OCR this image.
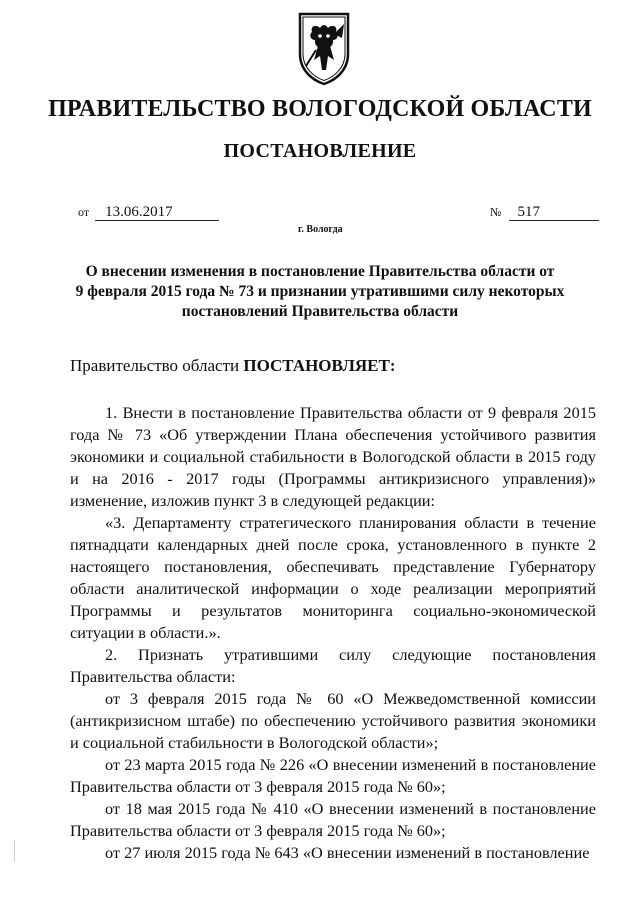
ПРАВИТЕЛЬСТВО ВОЛОГОДСКОЙ ОБЛАСТИ
ПОСТАНОВЛЕНИЕ
от 13.06.2017	№ 517
г. Вологда
О внесении изменения в постановление Правительства области от
9 февраля 2015 года № 73 и признании утратившими силу некоторых
постановлений Правительства области
Правительство области ПОСТАНОВЛЯЕТ:

1. Внести в постановление Правительства области от 9 февраля 2015 года № 73 «Об утверждении Плана обеспечения устойчивого развития экономики и социальной стабильности в Вологодской области в 2015 году и на 2016 - 2017 годы (Программы антикризисного управления)» изменение, изложив пункт 3 в следующей редакции:

«3. Департаменту стратегического планирования области в течение пятнадцати календарных дней после срока, установленного в пункте 2 настоящего постановления, обеспечивать представление Губернатору области аналитической информации о ходе реализации мероприятий Программы и результатов мониторинга социально-экономической ситуации в области.».

2. Признать утратившими силу следующие постановления Правительства области:

от 3 февраля 2015 года № 60 «О Межведомственной комиссии (антикризисном штабе) по обеспечению устойчивого развития экономики и социальной стабильности в Вологодской области»;

от 23 марта 2015 года № 226 «О внесении изменений в постановление Правительства области от 3 февраля 2015 года № 60»;

от 18 мая 2015 года № 410 «О внесении изменений в постановление Правительства области от 3 февраля 2015 года № 60»;

от 27 июля 2015 года № 643 «О внесении изменений в постановление
